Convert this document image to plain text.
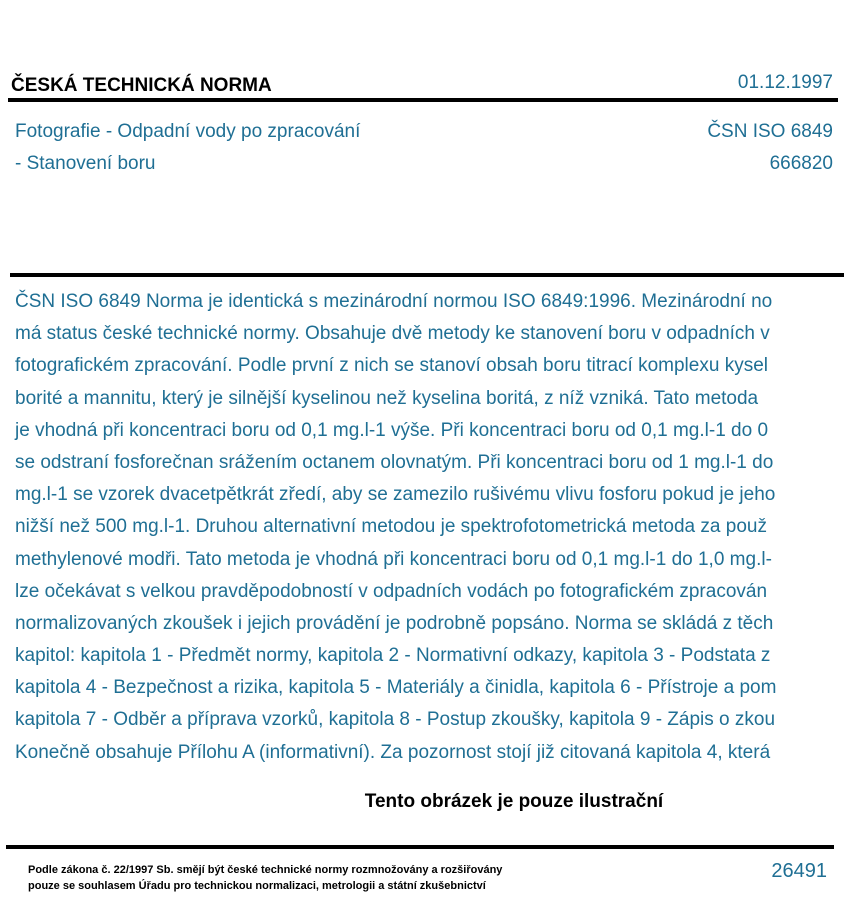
ČESKÁ TECHNICKÁ NORMA	01.12.1997
Fotografie - Odpadní vody po zpracování
- Stanovení boru
ČSN ISO 6849
666820
ČSN ISO 6849 Norma je identická s mezinárodní normou ISO 6849:1996. Mezinárodní no
má status české technické normy. Obsahuje dvě metody ke stanovení boru v odpadních v
fotografickém zpracování. Podle první z nich se stanoví obsah boru titrací komplexu kysel
borité a mannitu, který je silnější kyselinou než kyselina boritá, z níž vzniká. Tato metoda
je vhodná při koncentraci boru od 0,1 mg.l-1 výše. Při koncentraci boru od 0,1 mg.l-1 do 0
se odstraní fosforečnan srážením octanem olovnatým. Při koncentraci boru od 1 mg.l-1 do
mg.l-1 se vzorek dvacetpětkrát zředí, aby se zamezilo rušivému vlivu fosforu pokud je jeho
nižší než 500 mg.l-1. Druhou alternativní metodou je spektrofotometrická metoda za použ
methylenové modři. Tato metoda je vhodná při koncentraci boru od 0,1 mg.l-1 do 1,0 mg.l-
lze očekávat s velkou pravděpodobností v odpadních vodách po fotografickém zpracován
normalizovaných zkoušek i jejich provádění je podrobně popsáno. Norma se skládá z těch
kapitol: kapitola 1 - Předmět normy, kapitola 2 - Normativní odkazy, kapitola 3 - Podstata z
kapitola 4 - Bezpečnost a rizika, kapitola 5 - Materiály a činidla, kapitola 6 - Přístroje a pom
kapitola 7 - Odběr a příprava vzorků, kapitola 8 - Postup zkoušky, kapitola 9 - Zápis o zkou
Konečně obsahuje Přílohu A (informativní). Za pozornost stojí již citovaná kapitola 4, která
Tento obrázek je pouze ilustrační
Podle zákona č. 22/1997 Sb. smějí být české technické normy rozmnožovány a rozšiřovány
pouze se souhlasem Úřadu pro technickou normalizaci, metrologii a státní zkušebnictví
26491
